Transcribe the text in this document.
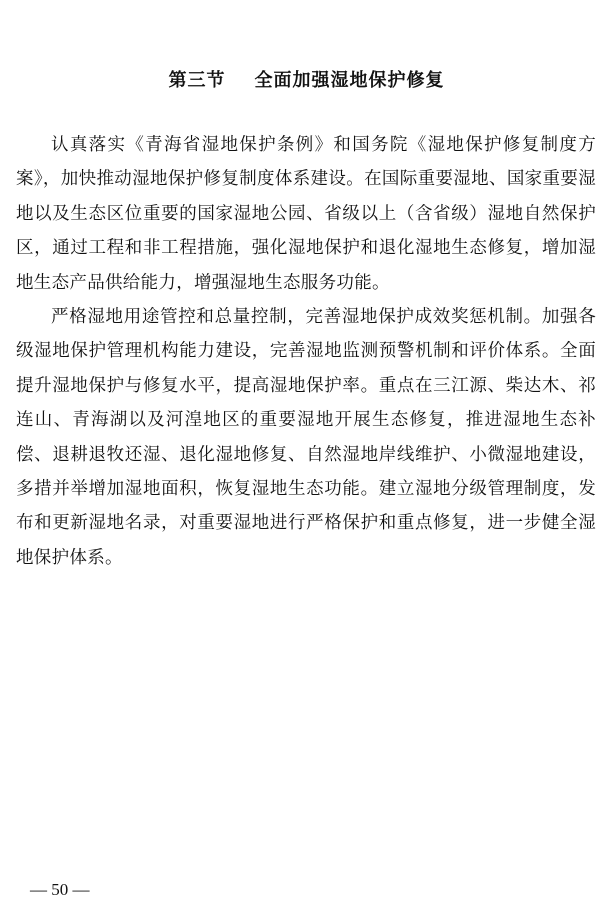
第三节    全面加强湿地保护修复

认真落实《青海省湿地保护条例》和国务院《湿地保护修复制度方案》，加快推动湿地保护修复制度体系建设。在国际重要湿地、国家重要湿地以及生态区位重要的国家湿地公园、省级以上（含省级）湿地自然保护区，通过工程和非工程措施，强化湿地保护和退化湿地生态修复，增加湿地生态产品供给能力，增强湿地生态服务功能。

严格湿地用途管控和总量控制，完善湿地保护成效奖惩机制。加强各级湿地保护管理机构能力建设，完善湿地监测预警机制和评价体系。全面提升湿地保护与修复水平，提高湿地保护率。重点在三江源、柴达木、祁连山、青海湖以及河湟地区的重要湿地开展生态修复，推进湿地生态补偿、退耕退牧还湿、退化湿地修复、自然湿地岸线维护、小微湿地建设，多措并举增加湿地面积，恢复湿地生态功能。建立湿地分级管理制度，发布和更新湿地名录，对重要湿地进行严格保护和重点修复，进一步健全湿地保护体系。

— 50 —
